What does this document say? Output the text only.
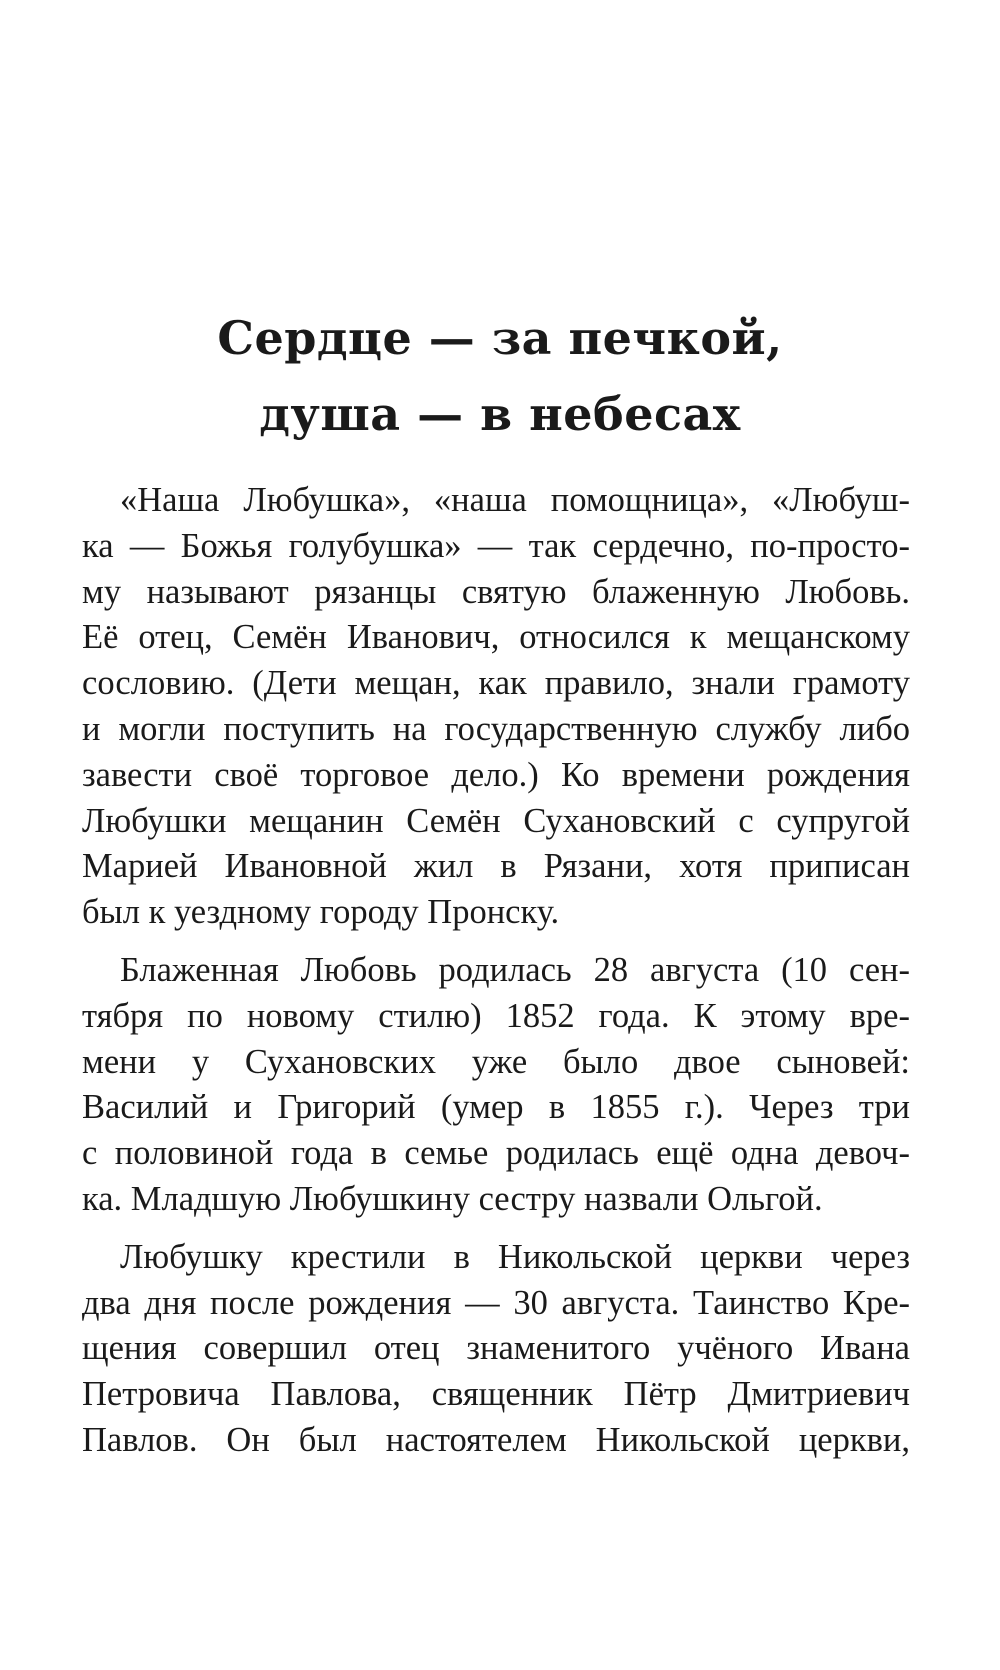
Сердце — за печкой,
душа — в небесах

«Наша Любушка», «наша помощница», «Любуш-
ка — Божья голубушка» — так сердечно, по-просто-
му называют рязанцы святую блаженную Любовь.
Её отец, Семён Иванович, относился к мещанскому
сословию. (Дети мещан, как правило, знали грамоту
и могли поступить на государственную службу либо
завести своё торговое дело.) Ко времени рождения
Любушки мещанин Семён Сухановский с супругой
Марией Ивановной жил в Рязани, хотя приписан
был к уездному городу Пронску.

Блаженная Любовь родилась 28 августа (10 сен-
тября по новому стилю) 1852 года. К этому вре-
мени у Сухановских уже было двое сыновей:
Василий и Григорий (умер в 1855 г.). Через три
с половиной года в семье родилась ещё одна девоч-
ка. Младшую Любушкину сестру назвали Ольгой.

Любушку крестили в Никольской церкви через
два дня после рождения — 30 августа. Таинство Кре-
щения совершил отец знаменитого учёного Ивана
Петровича Павлова, священник Пётр Дмитриевич
Павлов. Он был настоятелем Никольской церкви,
